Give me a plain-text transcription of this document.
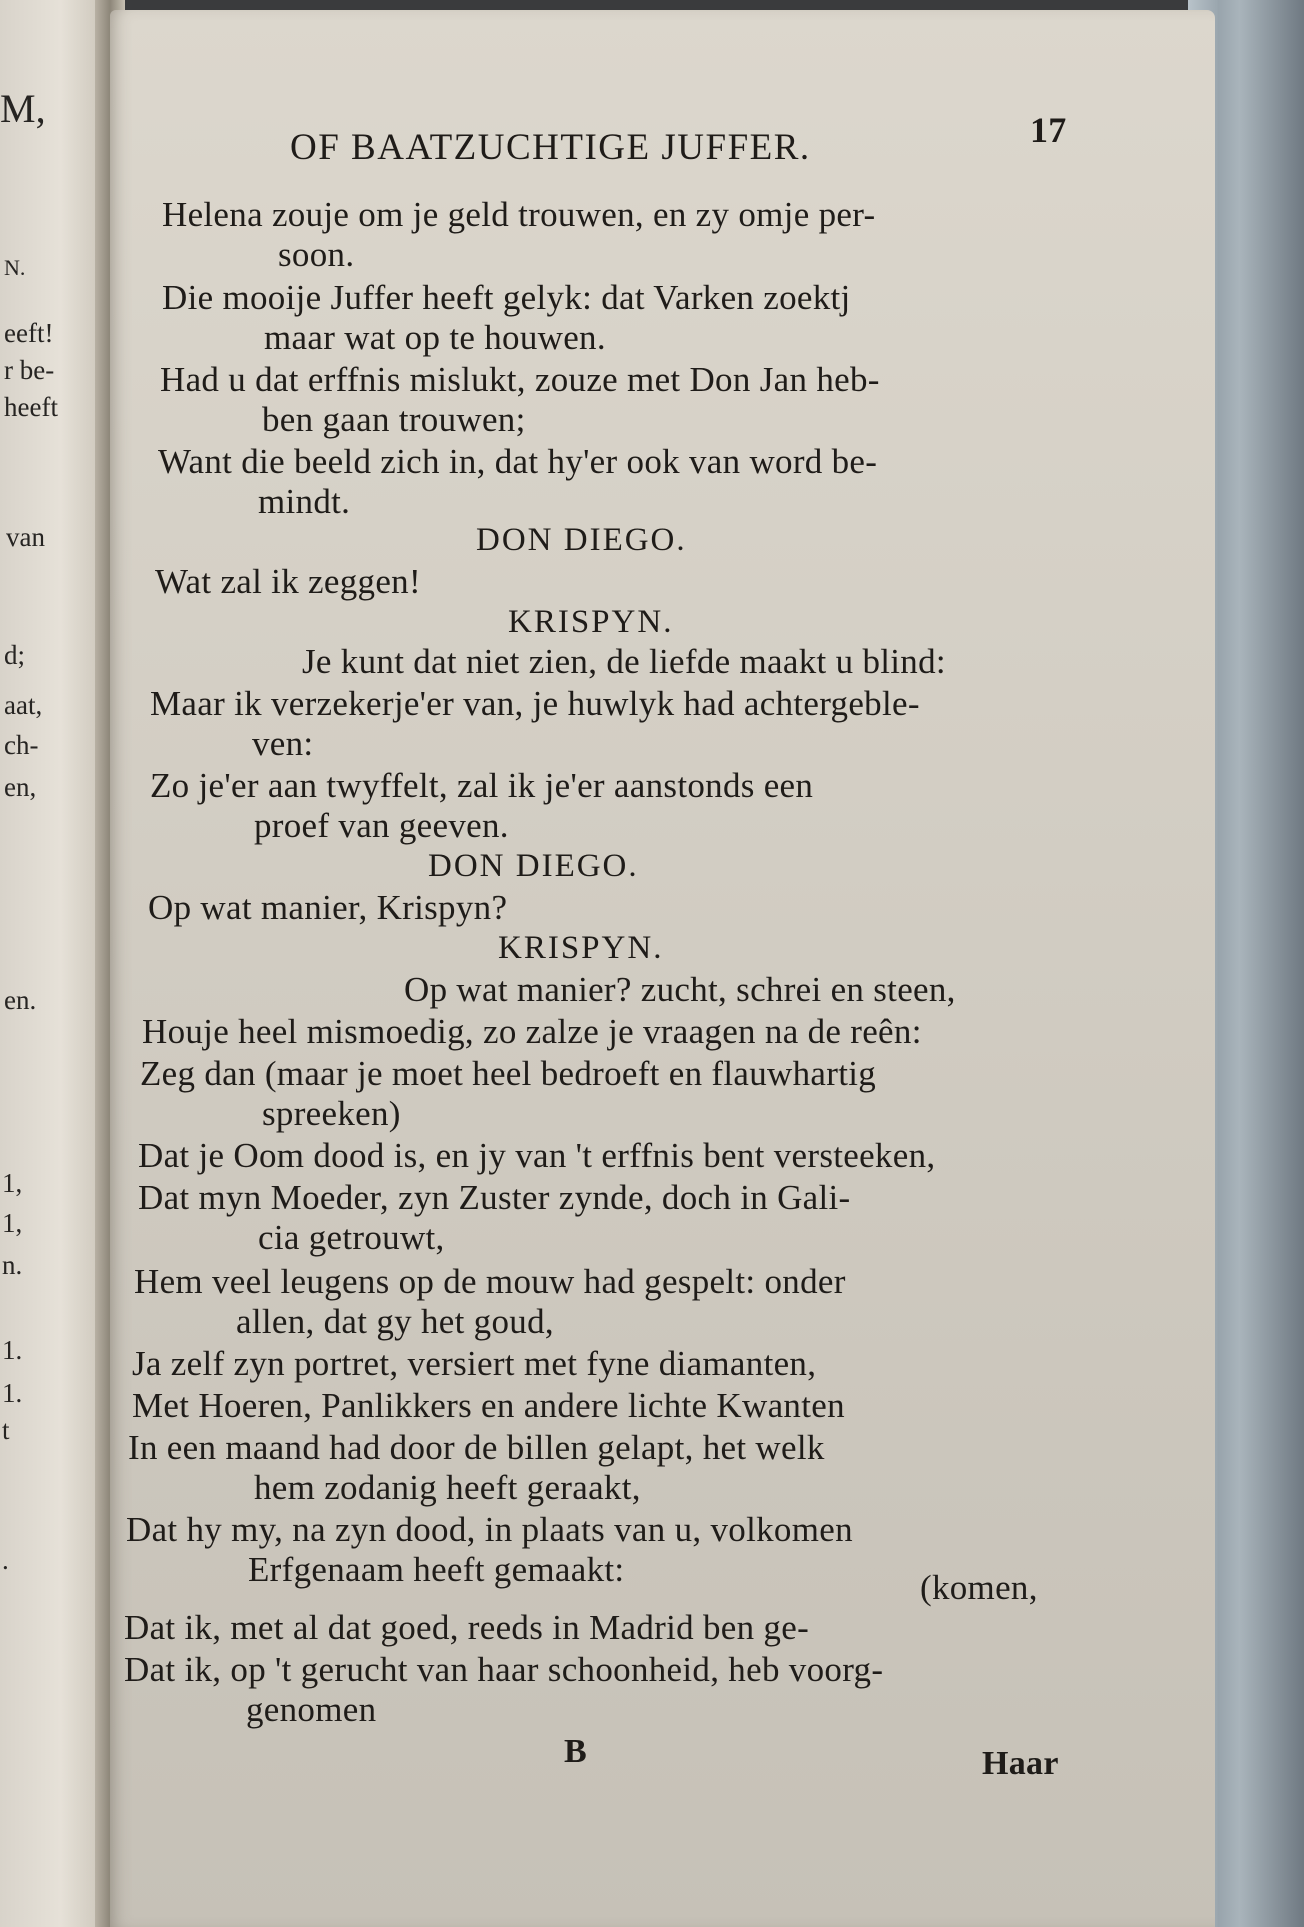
M,
N.
eeft!
r be-
heeft
van
d;
aat,
ch-
en,
en.
1,
1,
n.
1.
1.
t
.
OF BAATZUCHTIGE JUFFER.	17
Helena zouje om je geld trouwen, en zy omje per-
soon.
Die mooije Juffer heeft gelyk: dat Varken zoektj
maar wat op te houwen.
Had u dat erffnis mislukt, zouze met Don Jan heb-
ben gaan trouwen;
Want die beeld zich in, dat hy'er ook van word be-
mindt.
DON DIEGO.
Wat zal ik zeggen!
KRISPYN.
Je kunt dat niet zien, de liefde maakt u blind:
Maar ik verzekerje'er van, je huwlyk had achtergeble-
ven:
Zo je'er aan twyffelt, zal ik je'er aanstonds een
proef van geeven.
DON DIEGO.
Op wat manier, Krispyn?
KRISPYN.
Op wat manier? zucht, schrei en steen,
Houje heel mismoedig, zo zalze je vraagen na de reên:
Zeg dan (maar je moet heel bedroeft en flauwhartig
spreeken)
Dat je Oom dood is, en jy van 't erffnis bent versteeken,
Dat myn Moeder, zyn Zuster zynde, doch in Gali-
cia getrouwt,
Hem veel leugens op de mouw had gespelt: onder
allen, dat gy het goud,
Ja zelf zyn portret, versiert met fyne diamanten,
Met Hoeren, Panlikkers en andere lichte Kwanten
In een maand had door de billen gelapt, het welk
hem zodanig heeft geraakt,
Dat hy my, na zyn dood, in plaats van u, volkomen
Erfgenaam heeft gemaakt:	(komen,
Dat ik, met al dat goed, reeds in Madrid ben ge-
Dat ik, op 't gerucht van haar schoonheid, heb voorg-
genomen
B	Haar
